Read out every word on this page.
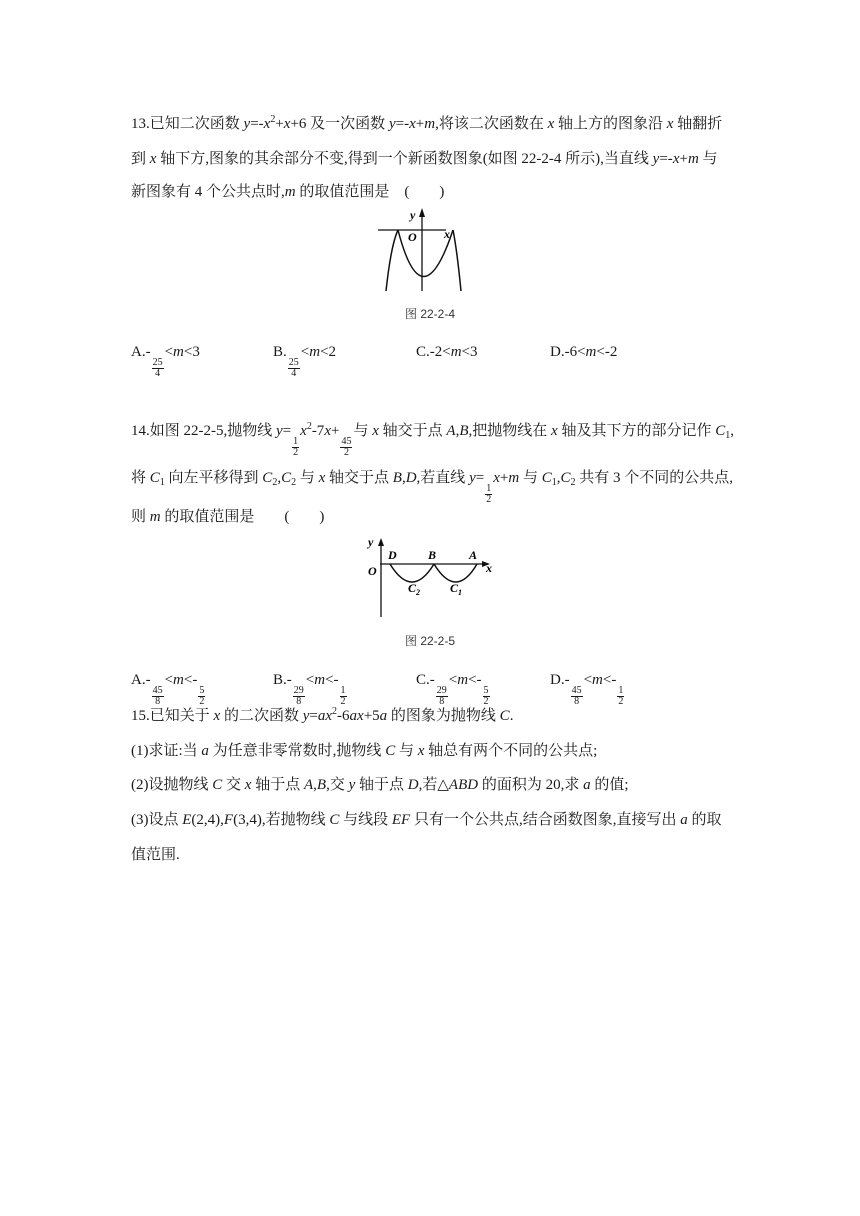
13.已知二次函数 $y=-x^2+x+6$ 及一次函数 y=-x+m,将该二次函数在 x 轴上方的图象沿 x 轴翻折
到 x 轴下方,图象的其余部分不变,得到一个新函数图象(如图 22-2-4 所示),当直线 y=-x+m 与
新图象有 4 个公共点时,m 的取值范围是　(　　)
y
O x
图 22-2-4
A.-
$\frac{25}{4}$
<m<3	B.
$\frac{25}{4}$
<m<2	C.-2<m<3	D.-6<m<-2
14.如图 22-2-5,抛物线 y=
$\frac{1}{2}$
$x^2-7x+$
$\frac{45}{2}$
与 x 轴交于点 A,B,把抛物线在 x 轴及其下方的部分记作 $C_1$,
将 $C_1$ 向左平移得到 $C_2,C_2$ 与 x 轴交于点 B,D,若直线 y=
$\frac{1}{2}$
x+m 与 $C_1,C_2$ 共有 3 个不同的公共点,
则 m 的取值范围是　　(　　)
y
O	x
D	B	A
$C_2$ $C_1$
图 22-2-5
A.-
$\frac{45}{8}$
<m<-
$\frac{5}{2}$
B.-
$\frac{29}{8}$
<m<-
$\frac{1}{2}$
C.-
$\frac{29}{8}$
<m<-
$\frac{5}{2}$
D.-
$\frac{45}{8}$
<m<-
$\frac{1}{2}$
15.已知关于 x 的二次函数 $y=ax^2-6ax+5a$ 的图象为抛物线 C.
(1)求证:当 a 为任意非零常数时,抛物线 C 与 x 轴总有两个不同的公共点;
(2)设抛物线 C 交 x 轴于点 A,B,交 y 轴于点 D,若△ABD 的面积为 20,求 a 的值;
(3)设点 E(2,4),F(3,4),若抛物线 C 与线段 EF 只有一个公共点,结合函数图象,直接写出 a 的取
值范围.
